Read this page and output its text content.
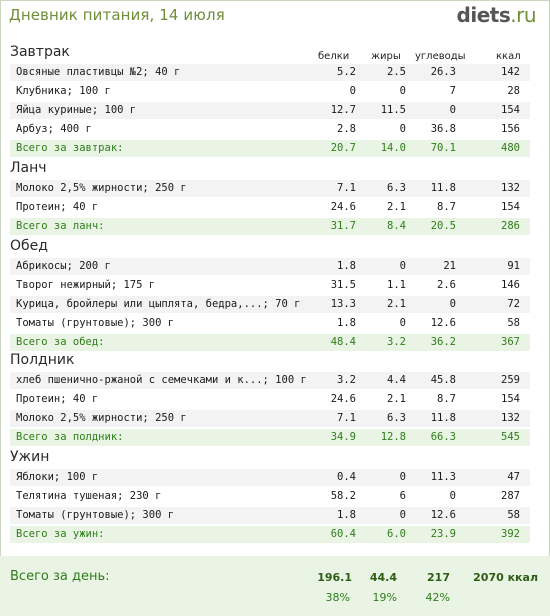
Дневник питания, 14 июля	diets.ru
белки жиры углеводы	ккал
Завтрак
Овсяные пластивцы №2; 40 г	5.2	2.5	26.3	142
Клубника; 100 г	0	0	7	28
Яйца куриные; 100 г	12.7	11.5	0	154
Арбуз; 400 г	2.8	0	36.8	156
Всего за завтрак:	20.7	14.0	70.1	480
Ланч
Молоко 2,5% жирности; 250 г	7.1	6.3	11.8	132
Протеин; 40 г	24.6	2.1	8.7	154
Всего за ланч:	31.7	8.4	20.5	286
Обед
Абрикосы; 200 г	1.8	0	21	91
Творог нежирный; 175 г	31.5	1.1	2.6	146
Курица, бройлеры или цыплята, бедра,...; 70 г	13.3	2.1	0	72
Томаты (грунтовые); 300 г	1.8	0	12.6	58
Всего за обед:	48.4	3.2	36.2	367
Полдник
хлеб пшенично-ржаной с семечками и к...; 100 г	3.2	4.4	45.8	259
Протеин; 40 г	24.6	2.1	8.7	154
Молоко 2,5% жирности; 250 г	7.1	6.3	11.8	132
Всего за полдник:	34.9	12.8	66.3	545
Ужин
Яблоки; 100 г	0.4	0	11.3	47
Телятина тушеная; 230 г	58.2	6	0	287
Томаты (грунтовые); 300 г	1.8	0	12.6	58
Всего за ужин:	60.4	6.0	23.9	392
Всего за день:	196.1	44.4	217	2070 ккал
38%	19%	42%
